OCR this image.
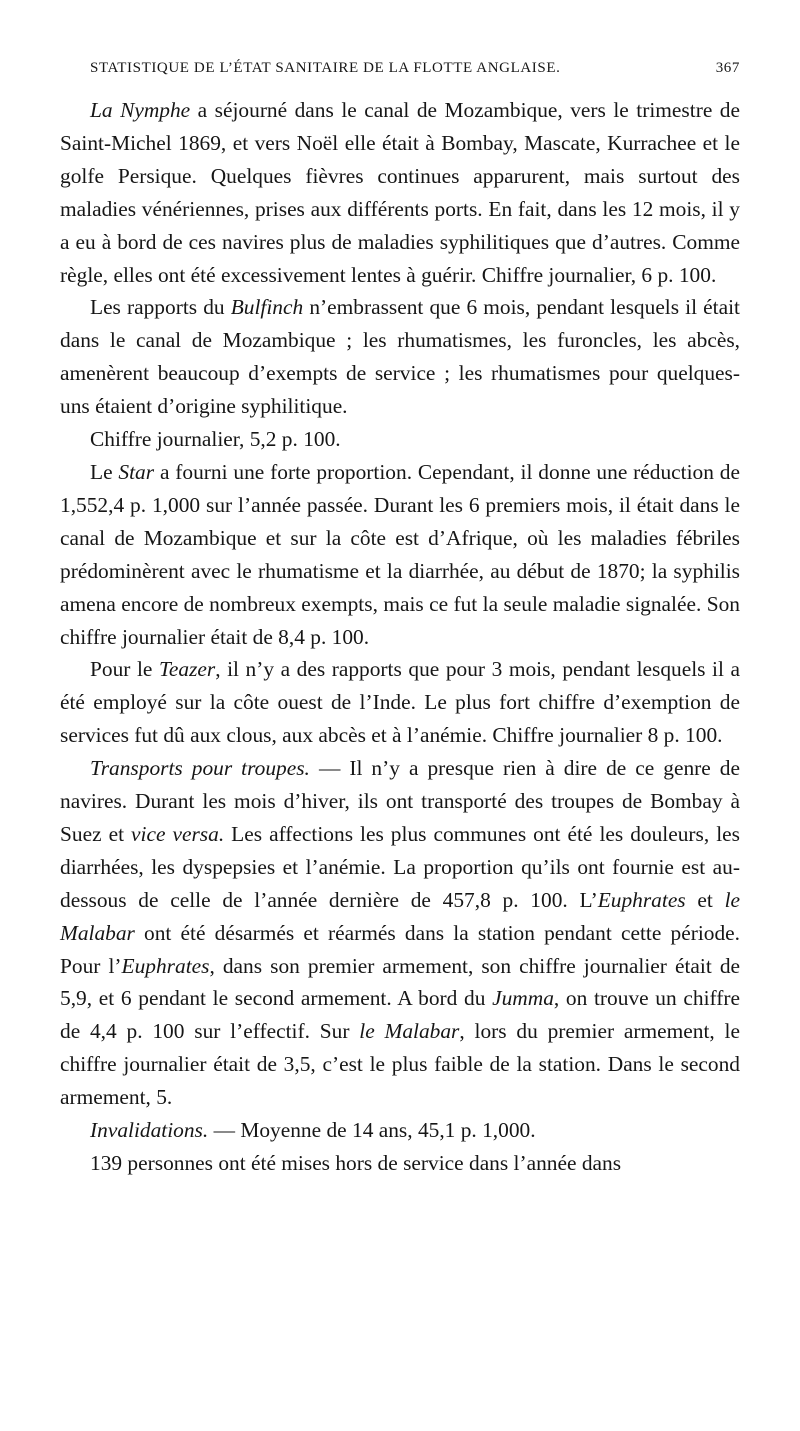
STATISTIQUE DE L’ÉTAT SANITAIRE DE LA FLOTTE ANGLAISE.	367

La Nymphe a séjourné dans le canal de Mozambique, vers le trimestre de Saint-Michel 1869, et vers Noël elle était à Bombay, Mascate, Kurrachee et le golfe Persique. Quelques fièvres continues apparurent, mais surtout des maladies vénériennes, prises aux différents ports. En fait, dans les 12 mois, il y a eu à bord de ces navires plus de maladies syphilitiques que d’autres. Comme règle, elles ont été excessivement lentes à guérir. Chiffre journalier, 6 p. 100.

Les rapports du Bulfinch n’embrassent que 6 mois, pendant lesquels il était dans le canal de Mozambique ; les rhumatismes, les furoncles, les abcès, amenèrent beaucoup d’exempts de service ; les rhumatismes pour quelques-uns étaient d’origine syphilitique.

Chiffre journalier, 5,2 p. 100.

Le Star a fourni une forte proportion. Cependant, il donne une réduction de 1,552,4 p. 1,000 sur l’année passée. Durant les 6 premiers mois, il était dans le canal de Mozambique et sur la côte est d’Afrique, où les maladies fébriles prédominèrent avec le rhumatisme et la diarrhée, au début de 1870; la syphilis amena encore de nombreux exempts, mais ce fut la seule maladie signalée. Son chiffre journalier était de 8,4 p. 100.

Pour le Teazer, il n’y a des rapports que pour 3 mois, pendant lesquels il a été employé sur la côte ouest de l’Inde. Le plus fort chiffre d’exemption de services fut dû aux clous, aux abcès et à l’anémie. Chiffre journalier 8 p. 100.

Transports pour troupes. — Il n’y a presque rien à dire de ce genre de navires. Durant les mois d’hiver, ils ont transporté des troupes de Bombay à Suez et vice versa. Les affections les plus communes ont été les douleurs, les diarrhées, les dyspepsies et l’anémie. La proportion qu’ils ont fournie est au-dessous de celle de l’année dernière de 457,8 p. 100. L’Euphrates et le Malabar ont été désarmés et réarmés dans la station pendant cette période. Pour l’Euphrates, dans son premier armement, son chiffre journalier était de 5,9, et 6 pendant le second armement. A bord du Jumma, on trouve un chiffre de 4,4 p. 100 sur l’effectif. Sur le Malabar, lors du premier armement, le chiffre journalier était de 3,5, c’est le plus faible de la station. Dans le second armement, 5.

Invalidations. — Moyenne de 14 ans, 45,1 p. 1,000.

139 personnes ont été mises hors de service dans l’année dans
